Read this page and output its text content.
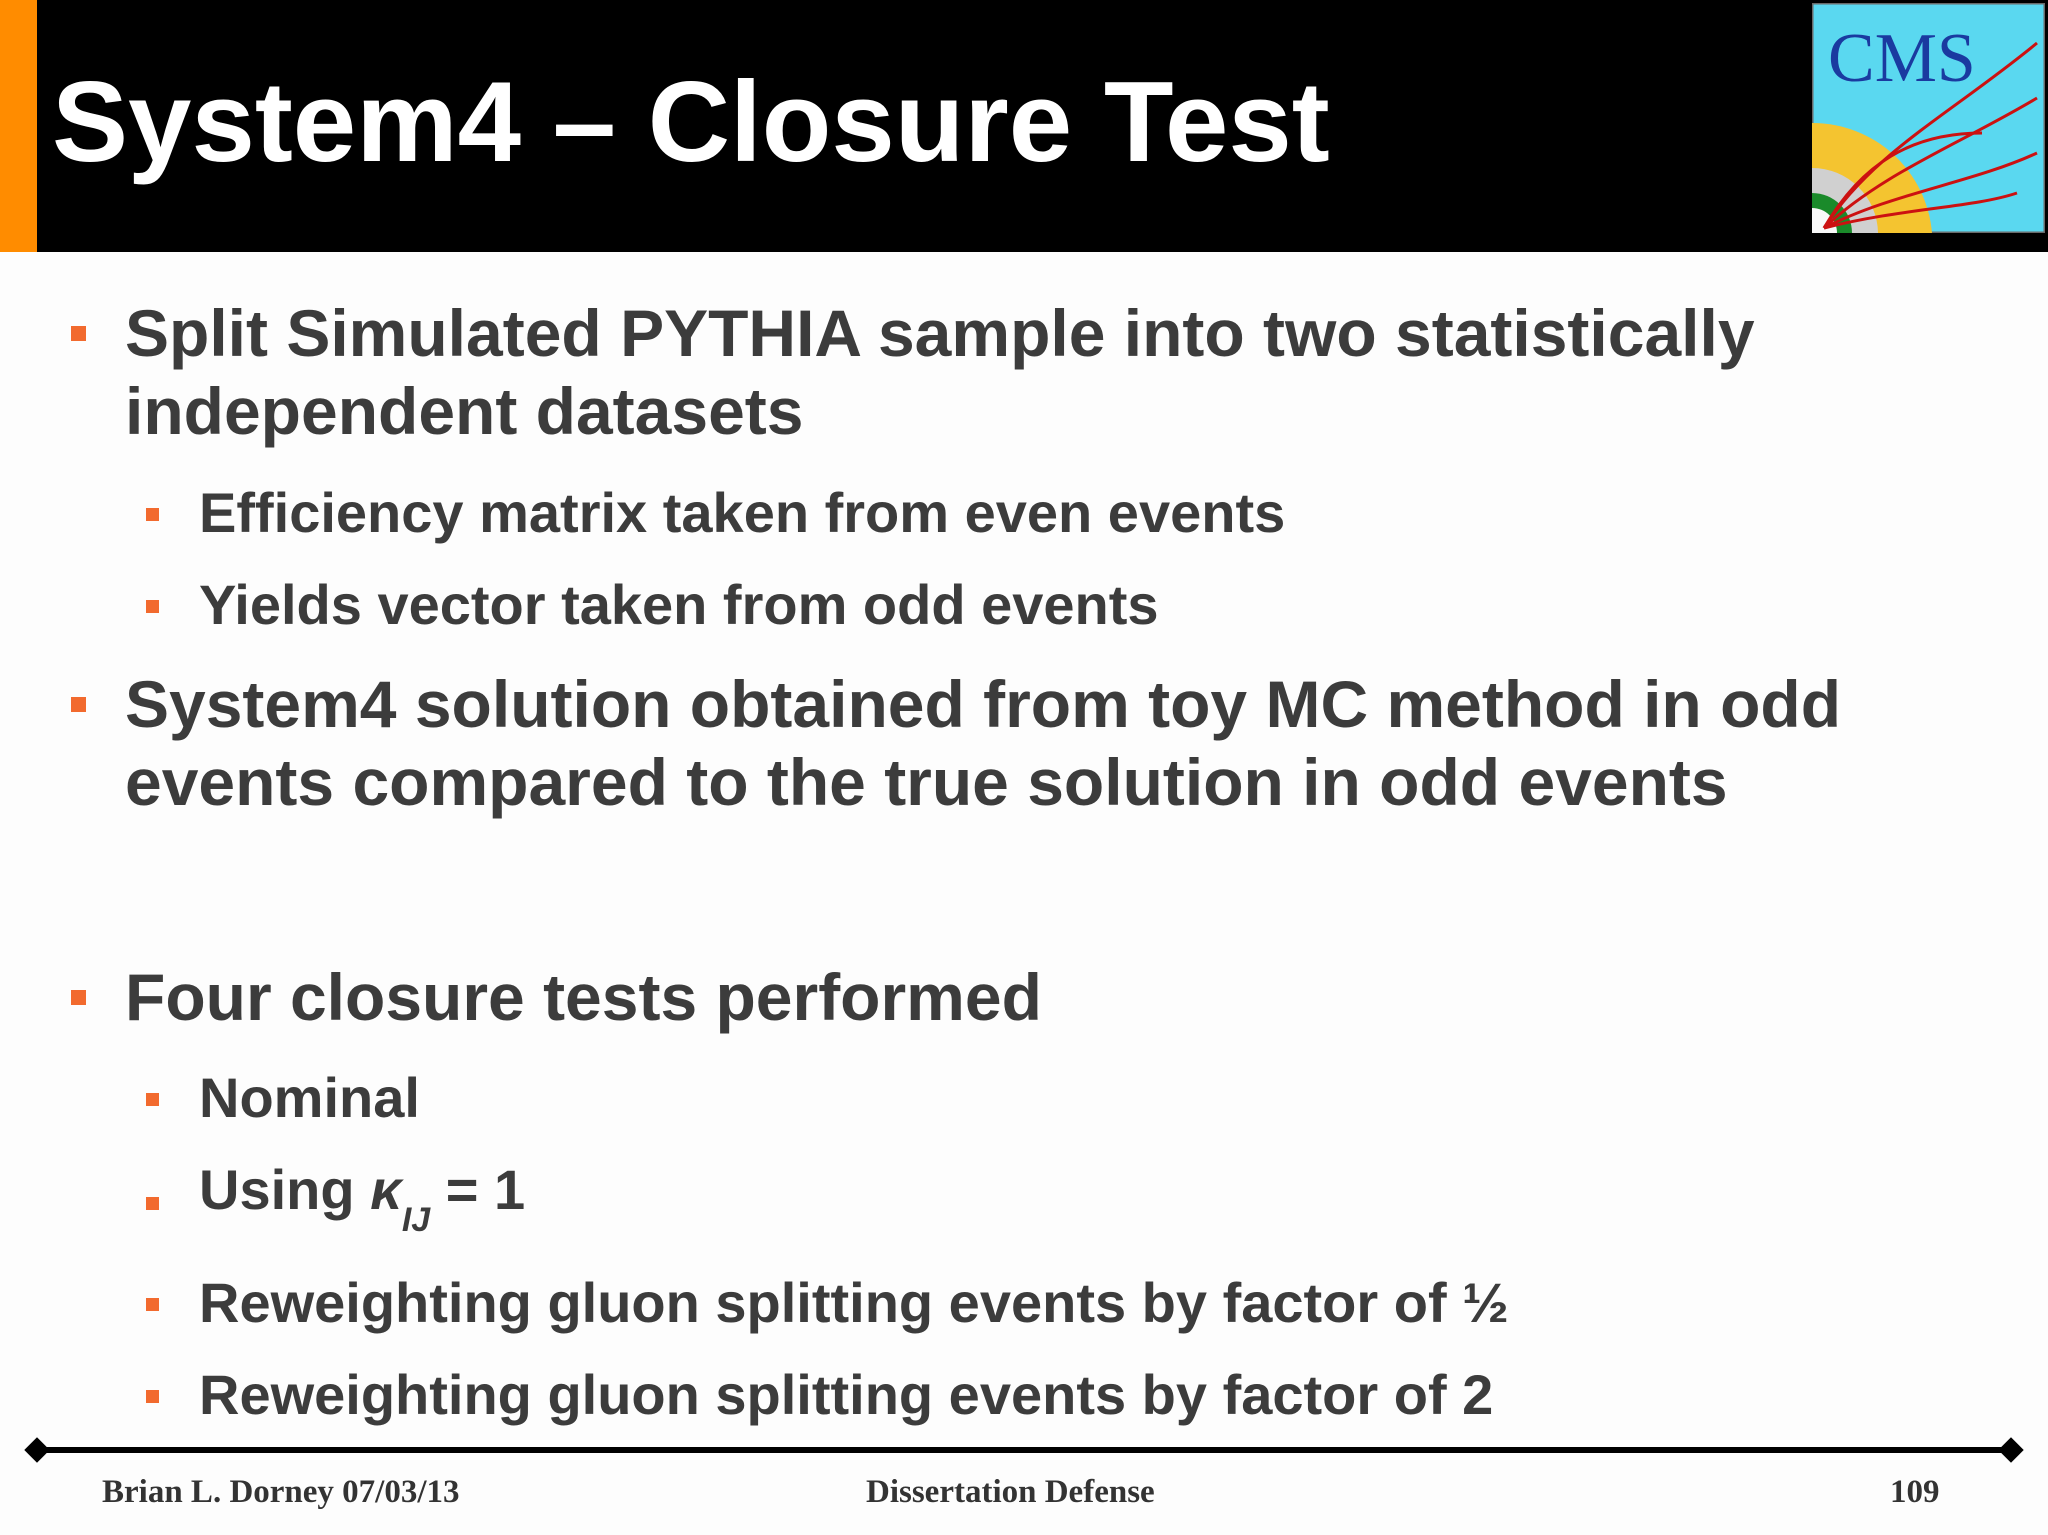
System4 – Closure Test
CMS
Split Simulated PYTHIA sample into two statistically
independent datasets
Efficiency matrix taken from even events
Yields vector taken from odd events
System4 solution obtained from toy MC method in odd
events compared to the true solution in odd events
Four closure tests performed
Nominal
Using $\kappa_{IJ} = 1$
Reweighting gluon splitting events by factor of ½
Reweighting gluon splitting events by factor of 2
Brian L. Dorney 07/03/13	Dissertation Defense	109
